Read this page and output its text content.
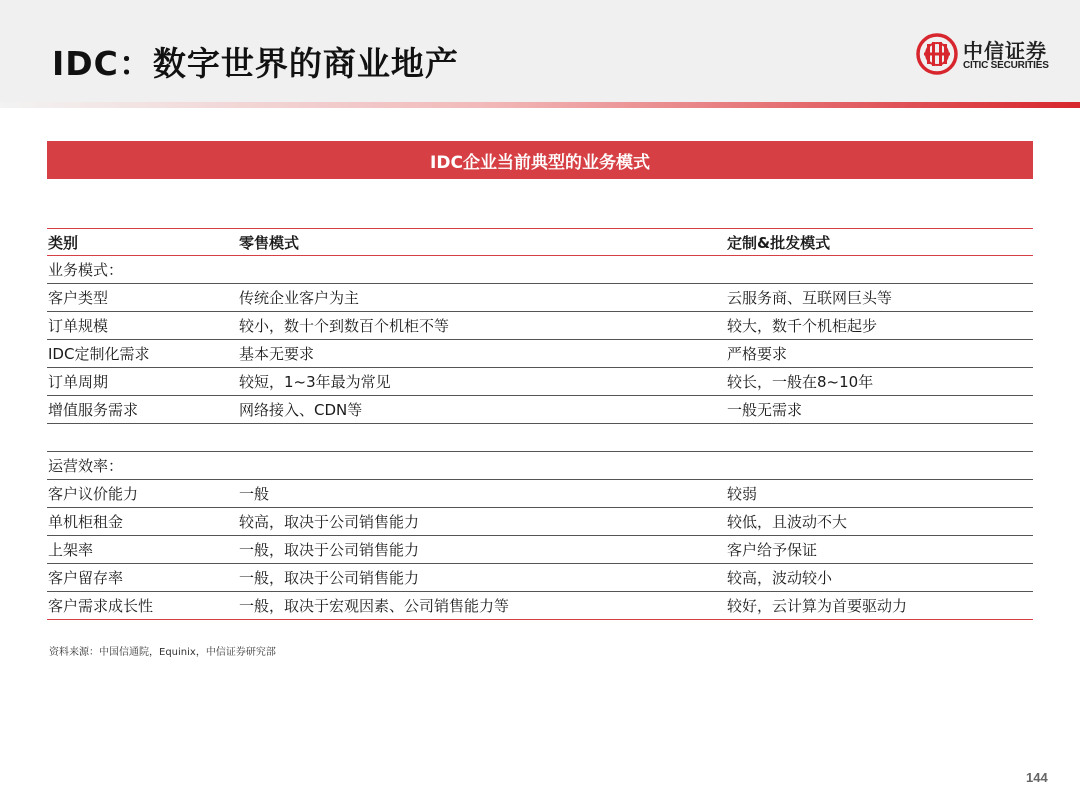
IDC：数字世界的商业地产	中信证券
CITIC SECURITIES
IDC企业当前典型的业务模式
类别	零售模式	定制&批发模式
业务模式：
客户类型	传统企业客户为主	云服务商、互联网巨头等
订单规模	较小，数十个到数百个机柜不等	较大，数千个机柜起步
IDC定制化需求	基本无要求	严格要求
订单周期	较短，1~3年最为常见	较长，一般在8~10年
增值服务需求	网络接入、CDN等	一般无需求
运营效率：
客户议价能力	一般	较弱
单机柜租金	较高，取决于公司销售能力	较低，且波动不大
上架率	一般，取决于公司销售能力	客户给予保证
客户留存率	一般，取决于公司销售能力	较高，波动较小
客户需求成长性	一般，取决于宏观因素、公司销售能力等	较好，云计算为首要驱动力
资料来源：中国信通院，Equinix，中信证券研究部
144
